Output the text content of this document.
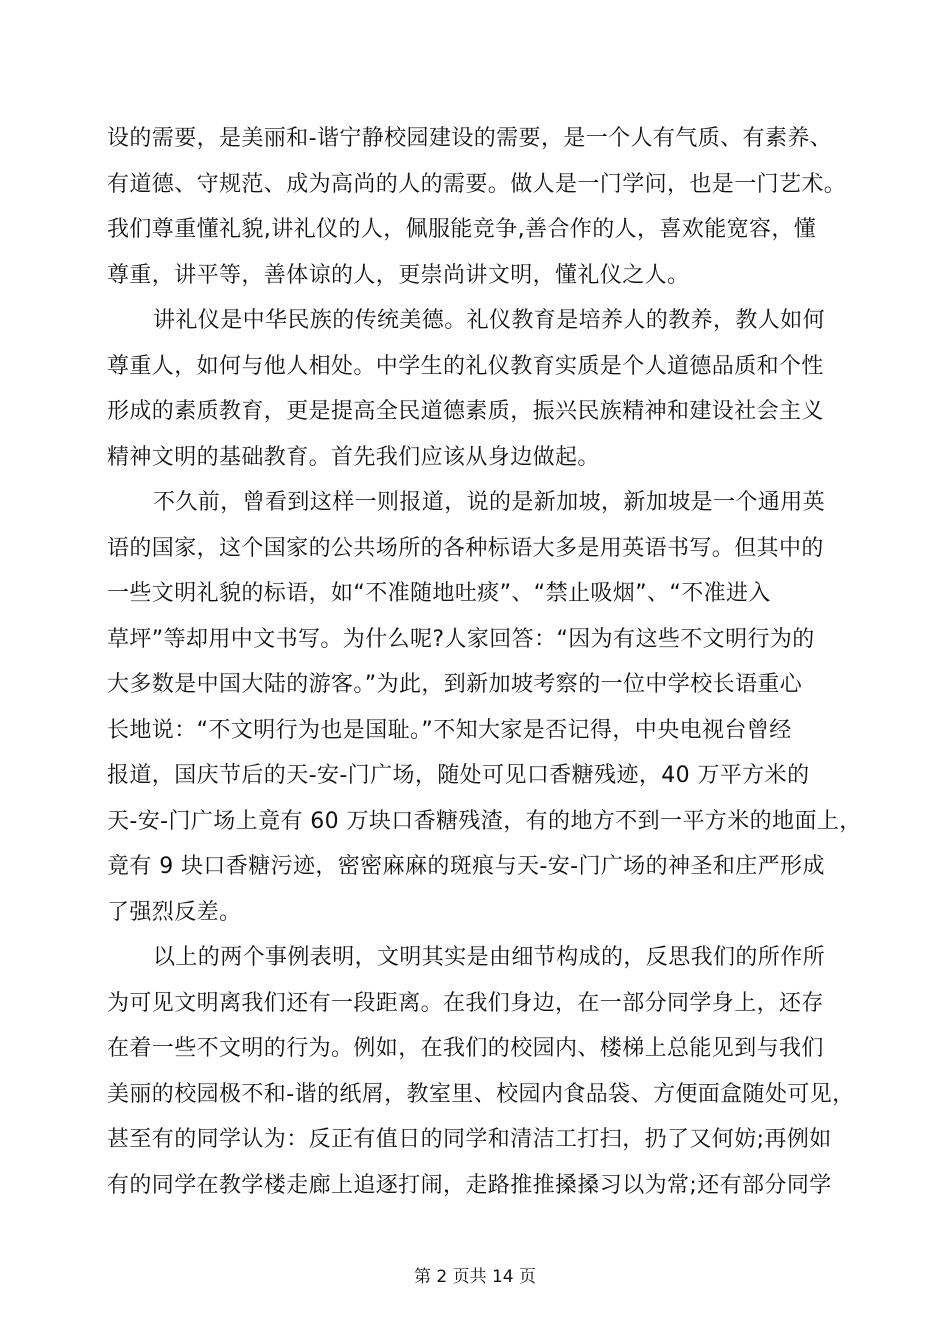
设的需要，是美丽和-谐宁静校园建设的需要，是一个人有气质、有素养、
有道德、守规范、成为高尚的人的需要。做人是一门学问，也是一门艺术。
我们尊重懂礼貌,讲礼仪的人，佩服能竞争,善合作的人，喜欢能宽容，懂
尊重，讲平等，善体谅的人，更崇尚讲文明，懂礼仪之人。

讲礼仪是中华民族的传统美德。礼仪教育是培养人的教养，教人如何
尊重人，如何与他人相处。中学生的礼仪教育实质是个人道德品质和个性
形成的素质教育，更是提高全民道德素质，振兴民族精神和建设社会主义
精神文明的基础教育。首先我们应该从身边做起。

不久前，曾看到这样一则报道，说的是新加坡，新加坡是一个通用英
语的国家，这个国家的公共场所的各种标语大多是用英语书写。但其中的
一些文明礼貌的标语，如“不准随地吐痰”、“禁止吸烟”、“不准进入
草坪”等却用中文书写。为什么呢?人家回答：“因为有这些不文明行为的
大多数是中国大陆的游客。”为此，到新加坡考察的一位中学校长语重心
长地说：“不文明行为也是国耻。”不知大家是否记得，中央电视台曾经
报道，国庆节后的天-安-门广场，随处可见口香糖残迹，40 万平方米的
天-安-门广场上竟有 60 万块口香糖残渣，有的地方不到一平方米的地面上，
竟有 9 块口香糖污迹，密密麻麻的斑痕与天-安-门广场的神圣和庄严形成
了强烈反差。

以上的两个事例表明，文明其实是由细节构成的，反思我们的所作所
为可见文明离我们还有一段距离。在我们身边，在一部分同学身上，还存
在着一些不文明的行为。例如，在我们的校园内、楼梯上总能见到与我们
美丽的校园极不和-谐的纸屑，教室里、校园内食品袋、方便面盒随处可见，
甚至有的同学认为：反正有值日的同学和清洁工打扫，扔了又何妨;再例如
有的同学在教学楼走廊上追逐打闹，走路推推搡搡习以为常;还有部分同学

第 2 页共 14 页
